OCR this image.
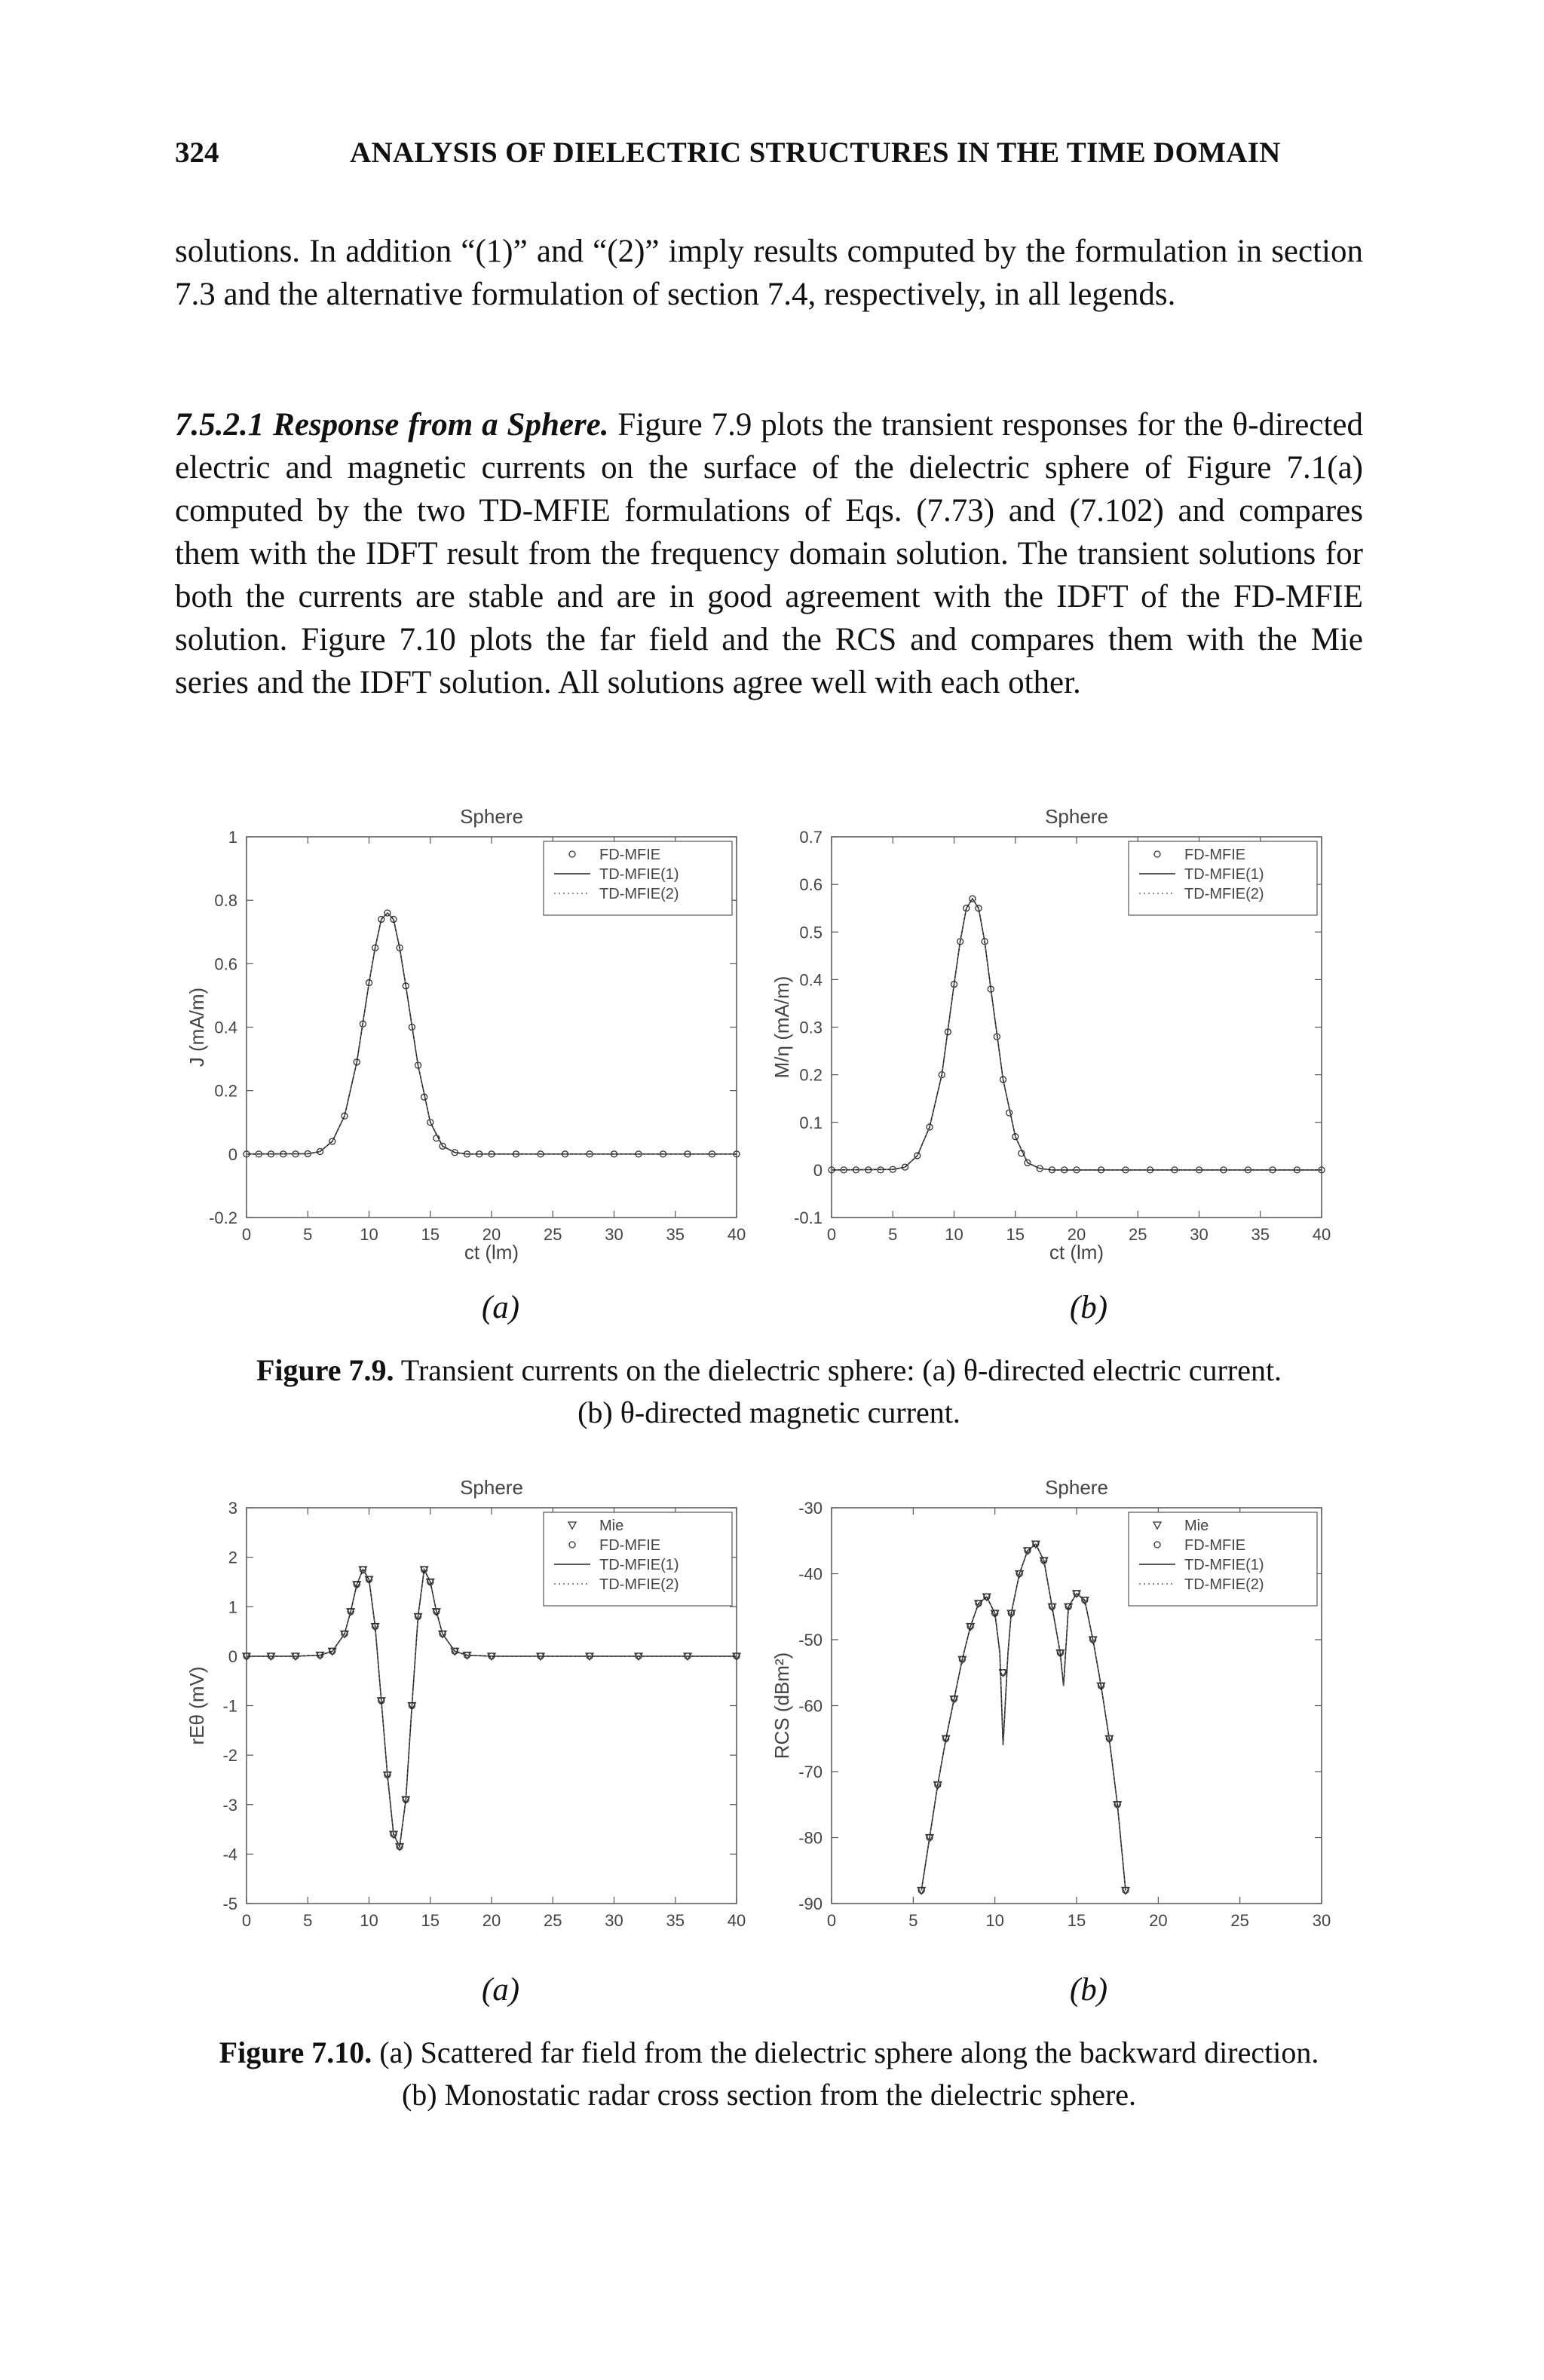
324	ANALYSIS OF DIELECTRIC STRUCTURES IN THE TIME DOMAIN

solutions. In addition “(1)” and “(2)” imply results computed by the formulation in section 7.3 and the alternative formulation of section 7.4, respectively, in all legends.

7.5.2.1 Response from a Sphere. Figure 7.9 plots the transient responses for the θ-directed electric and magnetic currents on the surface of the dielectric sphere of Figure 7.1(a) computed by the two TD-MFIE formulations of Eqs. (7.73) and (7.102) and compares them with the IDFT result from the frequency domain solution. The transient solutions for both the currents are stable and are in good agreement with the IDFT of the FD-MFIE solution. Figure 7.10 plots the far field and the RCS and compares them with the Mie series and the IDFT solution. All solutions agree well with each other.

Sphere
0	5	10	15	20	25	30	35	40
-0.2
0
0.2
0.4
0.6
0.8
1
ct (lm)
J (mA/m)
FD-MFIE
TD-MFIE(1)
TD-MFIE(2)
Sphere
0	5	10	15	20	25	30	35	40
-0.1
0
0.1
0.2
0.3
0.4
0.5
0.6
0.7
ct (lm)
M/η (mA/m)
FD-MFIE
TD-MFIE(1)
TD-MFIE(2)
(a)	(b)
Figure 7.9. Transient currents on the dielectric sphere: (a) θ-directed electric current.
(b) θ-directed magnetic current.
Sphere
0	5	10	15	20	25	30	35	40
-5
-4
-3
-2
-1
0
1
2
3
rEθ (mV)
Mie
FD-MFIE
TD-MFIE(1)
TD-MFIE(2)
Sphere
0	5	10	15	20	25	30
-90
-80
-70
-60
-50
-40
-30
RCS (dBm²)
Mie
FD-MFIE
TD-MFIE(1)
TD-MFIE(2)
(a)	(b)
Figure 7.10. (a) Scattered far field from the dielectric sphere along the backward direction.
(b) Monostatic radar cross section from the dielectric sphere.
